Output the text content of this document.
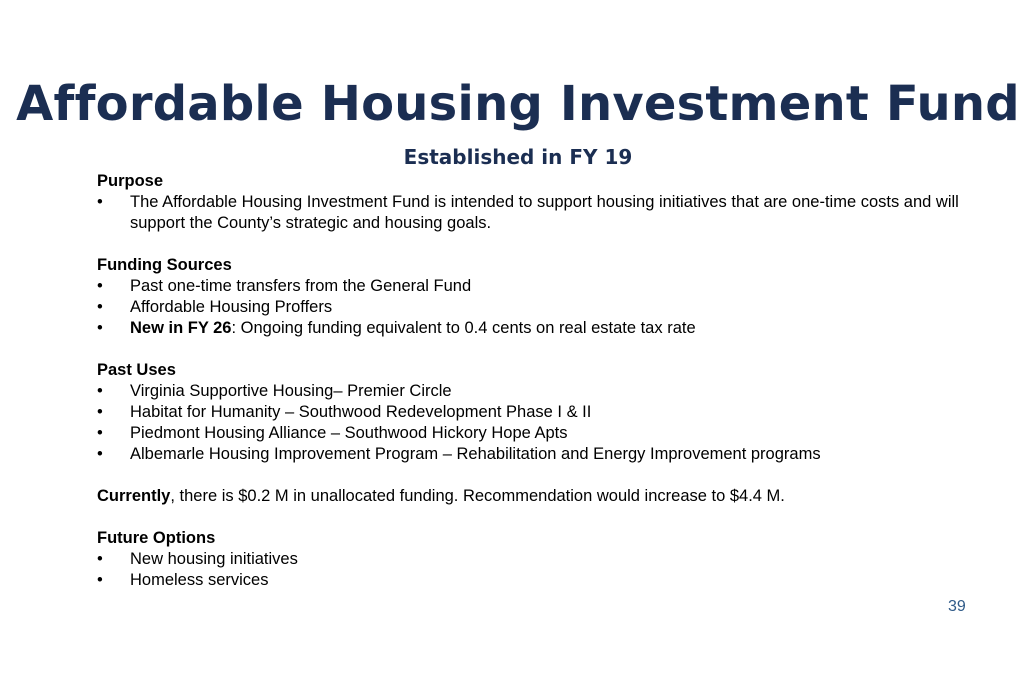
Affordable Housing Investment Fund
Established in FY 19
Purpose
•	The Affordable Housing Investment Fund is intended to support housing initiatives that are one-time costs and will support the County’s strategic and housing goals.
Funding Sources
•	Past one-time transfers from the General Fund
•	Affordable Housing Proffers
•	New in FY 26: Ongoing funding equivalent to 0.4 cents on real estate tax rate
Past Uses
•	Virginia Supportive Housing– Premier Circle
•	Habitat for Humanity – Southwood Redevelopment Phase I & II
•	Piedmont Housing Alliance – Southwood Hickory Hope Apts
•	Albemarle Housing Improvement Program – Rehabilitation and Energy Improvement programs
Currently, there is $0.2 M in unallocated funding. Recommendation would increase to $4.4 M.
Future Options
•	New housing initiatives
•	Homeless services
39
